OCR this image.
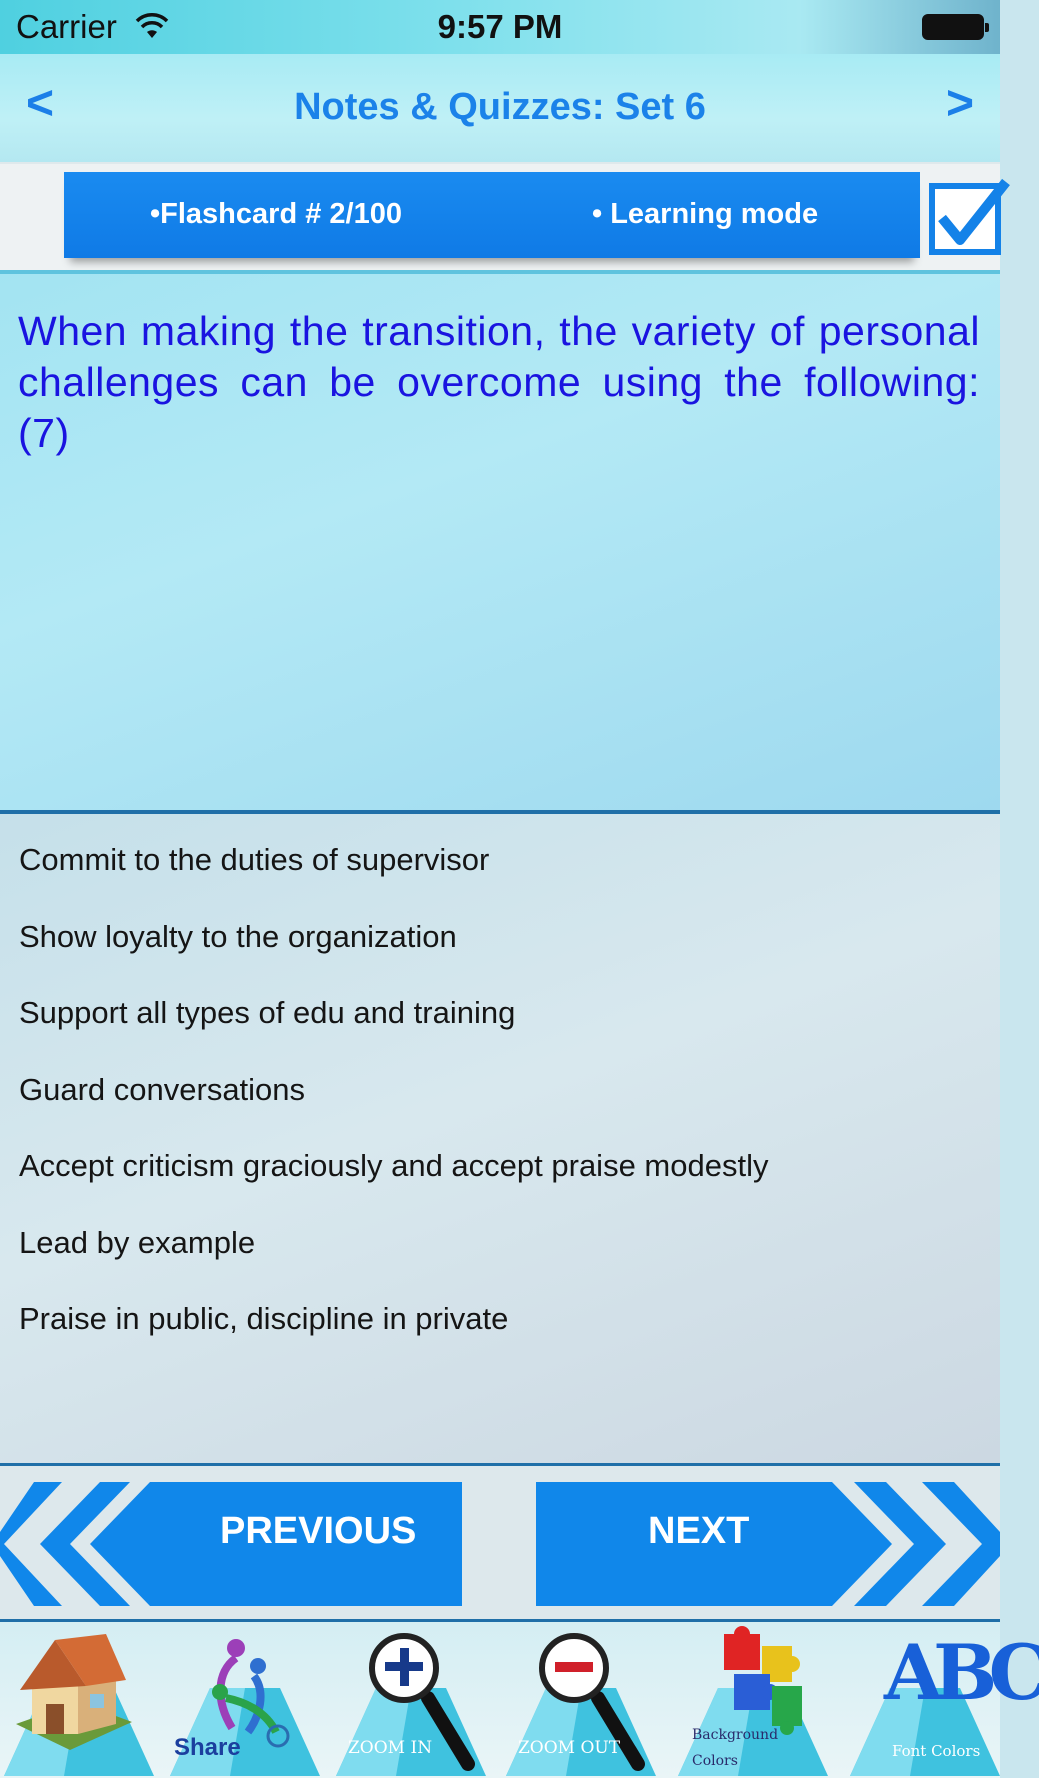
Carrier	9:57 PM
<	Notes & Quizzes: Set 6	>
•Flashcard # 2/100	• Learning mode

When making the transition, the variety of personal challenges can be overcome using the following: (7)

Commit to the duties of supervisor
Show loyalty to the organization
Support all types of edu and training
Guard conversations
Accept criticism graciously and accept praise modestly
Lead by example
Praise in public, discipline in private
PREVIOUS	NEXT
Share	ZOOM IN	ZOOM OUT
Background Colors
ABC
Font Colors
